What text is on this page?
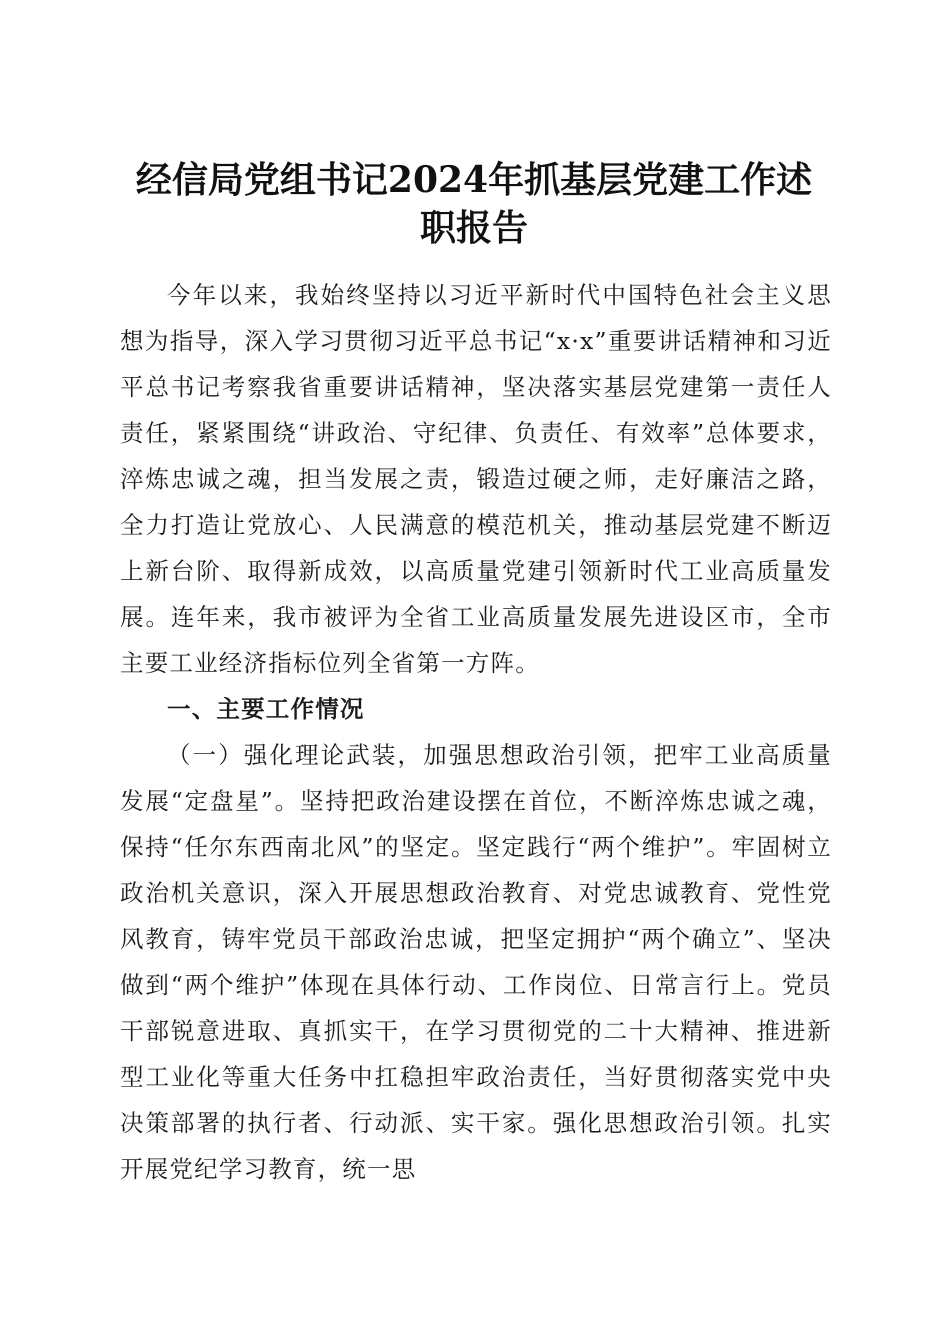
经信局党组书记2024年抓基层党建工作述职报告

今年以来，我始终坚持以习近平新时代中国特色社会主义思想为指导，深入学习贯彻习近平总书记“x·x”重要讲话精神和习近平总书记考察我省重要讲话精神，坚决落实基层党建第一责任人责任，紧紧围绕“讲政治、守纪律、负责任、有效率”总体要求，淬炼忠诚之魂，担当发展之责，锻造过硬之师，走好廉洁之路，全力打造让党放心、人民满意的模范机关，推动基层党建不断迈上新台阶、取得新成效，以高质量党建引领新时代工业高质量发展。连年来，我市被评为全省工业高质量发展先进设区市，全市主要工业经济指标位列全省第一方阵。

一、主要工作情况

（一）强化理论武装，加强思想政治引领，把牢工业高质量发展“定盘星”。坚持把政治建设摆在首位，不断淬炼忠诚之魂，保持“任尔东西南北风”的坚定。坚定践行“两个维护”。牢固树立政治机关意识，深入开展思想政治教育、对党忠诚教育、党性党风教育，铸牢党员干部政治忠诚，把坚定拥护“两个确立”、坚决做到“两个维护”体现在具体行动、工作岗位、日常言行上。党员干部锐意进取、真抓实干，在学习贯彻党的二十大精神、推进新型工业化等重大任务中扛稳担牢政治责任，当好贯彻落实党中央决策部署的执行者、行动派、实干家。强化思想政治引领。扎实开展党纪学习教育，统一思
